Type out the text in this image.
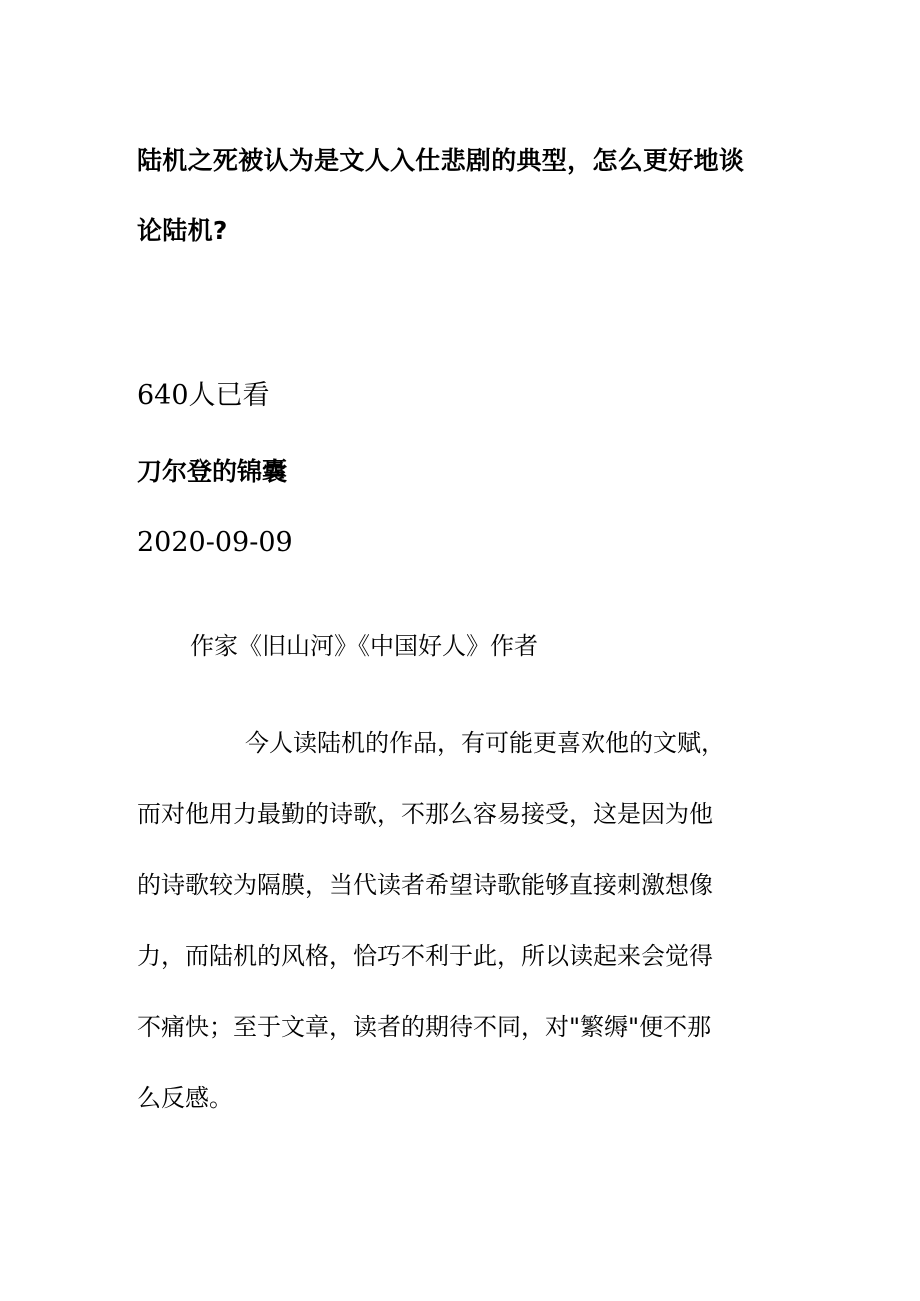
陆机之死被认为是文人入仕悲剧的典型，怎么更好地谈
论陆机?
640人已看
刀尔登的锦囊
2020-09-09
作家《旧山河》《中国好人》作者
今人读陆机的作品，有可能更喜欢他的文赋，
而对他用力最勤的诗歌，不那么容易接受，这是因为他
的诗歌较为隔膜，当代读者希望诗歌能够直接刺激想像
力，而陆机的风格，恰巧不利于此，所以读起来会觉得
不痛快；至于文章，读者的期待不同，对"繁缛"便不那
么反感。
